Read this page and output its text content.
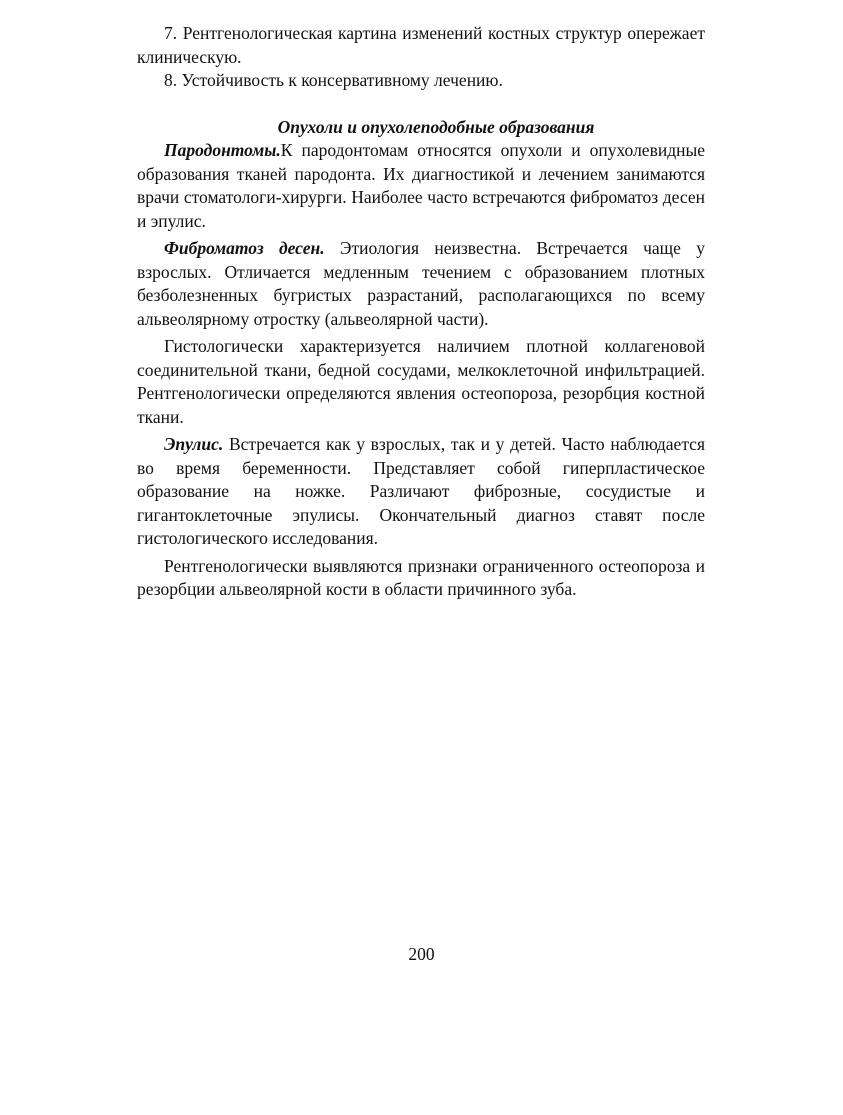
7. Рентгенологическая картина изменений костных структур опережает клиническую.

8. Устойчивость к консервативному лечению.

Опухоли и опухолеподобные образования

Пародонтомы.К пародонтомам относятся опухоли и опухолевидные образования тканей пародонта. Их диагностикой и лечением занимаются врачи стоматологи-хирурги. Наиболее часто встречаются фиброматоз десен и эпулис.

Фиброматоз десен. Этиология неизвестна. Встречается чаще у взрослых. Отличается медленным течением с образованием плотных безболезненных бугристых разрастаний, располагающихся по всему альвеолярному отростку (альвеолярной части).

Гистологически характеризуется наличием плотной коллагеновой соединительной ткани, бедной сосудами, мелкоклеточной инфильтрацией. Рентгенологически определяются явления остеопороза, резорбция костной ткани.

Эпулис. Встречается как у взрослых, так и у детей. Часто наблюдается во время беременности. Представляет собой гиперпластическое образование на ножке. Различают фиброзные, сосудистые и гигантоклеточные эпулисы. Окончательный диагноз ставят после гистологического исследования.

Рентгенологически выявляются признаки ограниченного остеопороза и резорбции альвеолярной кости в области причинного зуба.

200
